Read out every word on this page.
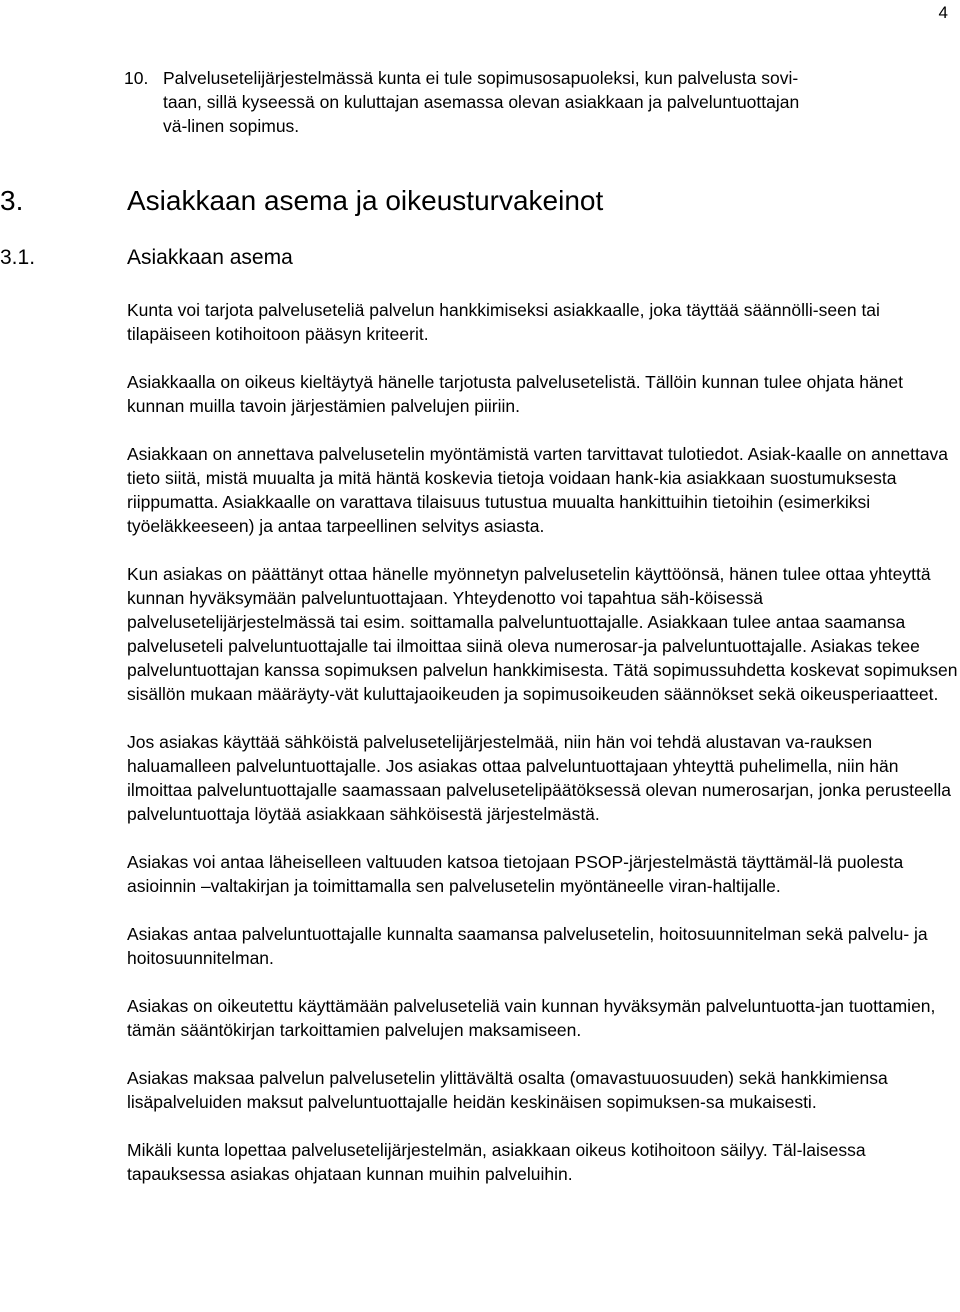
4
10. Palvelusetelijärjestelmässä kunta ei tule sopimusosapuoleksi, kun palvelusta sovi-taan, sillä kyseessä on kuluttajan asemassa olevan asiakkaan ja palveluntuottajan vä-linen sopimus.
3.	Asiakkaan asema ja oikeusturvakeinot
3.1.	Asiakkaan asema

Kunta voi tarjota palveluseteliä palvelun hankkimiseksi asiakkaalle, joka täyttää säännölli-seen tai tilapäiseen kotihoitoon pääsyn kriteerit.

Asiakkaalla on oikeus kieltäytyä hänelle tarjotusta palvelusetelistä. Tällöin kunnan tulee ohjata hänet kunnan muilla tavoin järjestämien palvelujen piiriin.

Asiakkaan on annettava palvelusetelin myöntämistä varten tarvittavat tulotiedot. Asiak-kaalle on annettava tieto siitä, mistä muualta ja mitä häntä koskevia tietoja voidaan hank-kia asiakkaan suostumuksesta riippumatta. Asiakkaalle on varattava tilaisuus tutustua muualta hankittuihin tietoihin (esimerkiksi työeläkkeeseen) ja antaa tarpeellinen selvitys asiasta.

Kun asiakas on päättänyt ottaa hänelle myönnetyn palvelusetelin käyttöönsä, hänen tulee ottaa yhteyttä kunnan hyväksymään palveluntuottajaan. Yhteydenotto voi tapahtua säh-köisessä palvelusetelijärjestelmässä tai esim. soittamalla palveluntuottajalle. Asiakkaan tulee antaa saamansa palveluseteli palveluntuottajalle tai ilmoittaa siinä oleva numerosar-ja palveluntuottajalle. Asiakas tekee palveluntuottajan kanssa sopimuksen palvelun hankkimisesta. Tätä sopimussuhdetta koskevat sopimuksen sisällön mukaan määräyty-vät kuluttajaoikeuden ja sopimusoikeuden säännökset sekä oikeusperiaatteet.

Jos asiakas käyttää sähköistä palvelusetelijärjestelmää, niin hän voi tehdä alustavan va-rauksen haluamalleen palveluntuottajalle. Jos asiakas ottaa palveluntuottajaan yhteyttä puhelimella, niin hän ilmoittaa palveluntuottajalle saamassaan palvelusetelipäätöksessä olevan numerosarjan, jonka perusteella palveluntuottaja löytää asiakkaan sähköisestä järjestelmästä.

Asiakas voi antaa läheiselleen valtuuden katsoa tietojaan PSOP-järjestelmästä täyttämäl-lä puolesta asioinnin –valtakirjan ja toimittamalla sen palvelusetelin myöntäneelle viran-haltijalle.

Asiakas antaa palveluntuottajalle kunnalta saamansa palvelusetelin, hoitosuunnitelman sekä palvelu- ja hoitosuunnitelman.

Asiakas on oikeutettu käyttämään palveluseteliä vain kunnan hyväksymän palveluntuotta-jan tuottamien, tämän sääntökirjan tarkoittamien palvelujen maksamiseen.

Asiakas maksaa palvelun palvelusetelin ylittävältä osalta (omavastuuosuuden) sekä hankkimiensa lisäpalveluiden maksut palveluntuottajalle heidän keskinäisen sopimuksen-sa mukaisesti.

Mikäli kunta lopettaa palvelusetelijärjestelmän, asiakkaan oikeus kotihoitoon säilyy. Täl-laisessa tapauksessa asiakas ohjataan kunnan muihin palveluihin.
